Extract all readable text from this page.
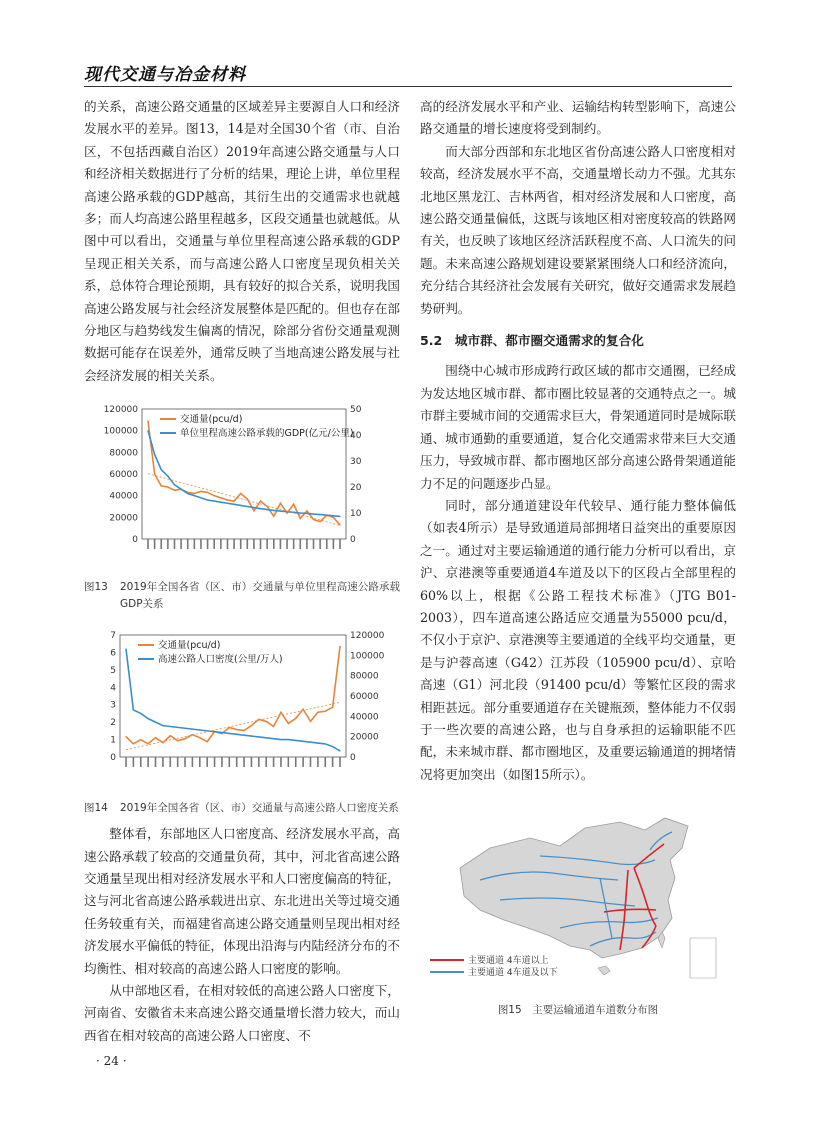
现代交通与冶金材料

的关系，高速公路交通量的区域差异主要源自人口和经济发展水平的差异。图13，14是对全国30个省（市、自治区，不包括西藏自治区）2019年高速公路交通量与人口和经济相关数据进行了分析的结果，理论上讲，单位里程高速公路承载的GDP越高，其衍生出的交通需求也就越多；而人均高速公路里程越多，区段交通量也就越低。从图中可以看出，交通量与单位里程高速公路承载的GDP呈现正相关关系，而与高速公路人口密度呈现负相关关系，总体符合理论预期，具有较好的拟合关系，说明我国高速公路发展与社会经济发展整体是匹配的。但也存在部分地区与趋势线发生偏离的情况，除部分省份交通量观测数据可能存在误差外，通常反映了当地高速公路发展与社会经济发展的相关关系。

120000
100000
80000
60000
40000
20000
0
50
40
30
20
10
0
交通量(pcu/d)
单位里程高速公路承载的GDP(亿元/公里)
图13	2019年全国各省（区、市）交通量与单位里程高速公路承载GDP关系
7
6
5
4
3
2
1
0
120000
100000
80000
60000
40000
20000
0
交通量(pcu/d)
高速公路人口密度(公里/万人)
图14	2019年全国各省（区、市）交通量与高速公路人口密度关系

整体看，东部地区人口密度高、经济发展水平高，高速公路承载了较高的交通量负荷，其中，河北省高速公路交通量呈现出相对经济发展水平和人口密度偏高的特征，这与河北省高速公路承载进出京、东北进出关等过境交通任务较重有关，而福建省高速公路交通量则呈现出相对经济发展水平偏低的特征，体现出沿海与内陆经济分布的不均衡性、相对较高的高速公路人口密度的影响。

从中部地区看，在相对较低的高速公路人口密度下，河南省、安徽省未来高速公路交通量增长潜力较大，而山西省在相对较高的高速公路人口密度、不

高的经济发展水平和产业、运输结构转型影响下，高速公路交通量的增长速度将受到制约。

而大部分西部和东北地区省份高速公路人口密度相对较高，经济发展水平不高，交通量增长动力不强。尤其东北地区黑龙江、吉林两省，相对经济发展和人口密度，高速公路交通量偏低，这既与该地区相对密度较高的铁路网有关，也反映了该地区经济活跃程度不高、人口流失的问题。未来高速公路规划建设要紧紧围绕人口和经济流向，充分结合其经济社会发展有关研究，做好交通需求发展趋势研判。

5.2　城市群、都市圈交通需求的复合化

围绕中心城市形成跨行政区域的都市交通圈，已经成为发达地区城市群、都市圈比较显著的交通特点之一。城市群主要城市间的交通需求巨大，骨架通道同时是城际联通、城市通勤的重要通道，复合化交通需求带来巨大交通压力，导致城市群、都市圈地区部分高速公路骨架通道能力不足的问题逐步凸显。

同时，部分通道建设年代较早、通行能力整体偏低（如表4所示）是导致通道局部拥堵日益突出的重要原因之一。通过对主要运输通道的通行能力分析可以看出，京沪、京港澳等重要通道4车道及以下的区段占全部里程的60%以上，根据《公路工程技术标准》（JTG B01-2003），四车道高速公路适应交通量为55000 pcu/d，不仅小于京沪、京港澳等主要通道的全线平均交通量，更是与沪蓉高速（G42）江苏段（105900 pcu/d）、京哈高速（G1）河北段（91400 pcu/d）等繁忙区段的需求相距甚远。部分重要通道存在关键瓶颈，整体能力不仅弱于一些次要的高速公路，也与自身承担的运输职能不匹配，未来城市群、都市圈地区，及重要运输通道的拥堵情况将更加突出（如图15所示）。

主要通道 4车道以上
主要通道 4车道及以下
图15　主要运输通道车道数分布图
· 24 ·
